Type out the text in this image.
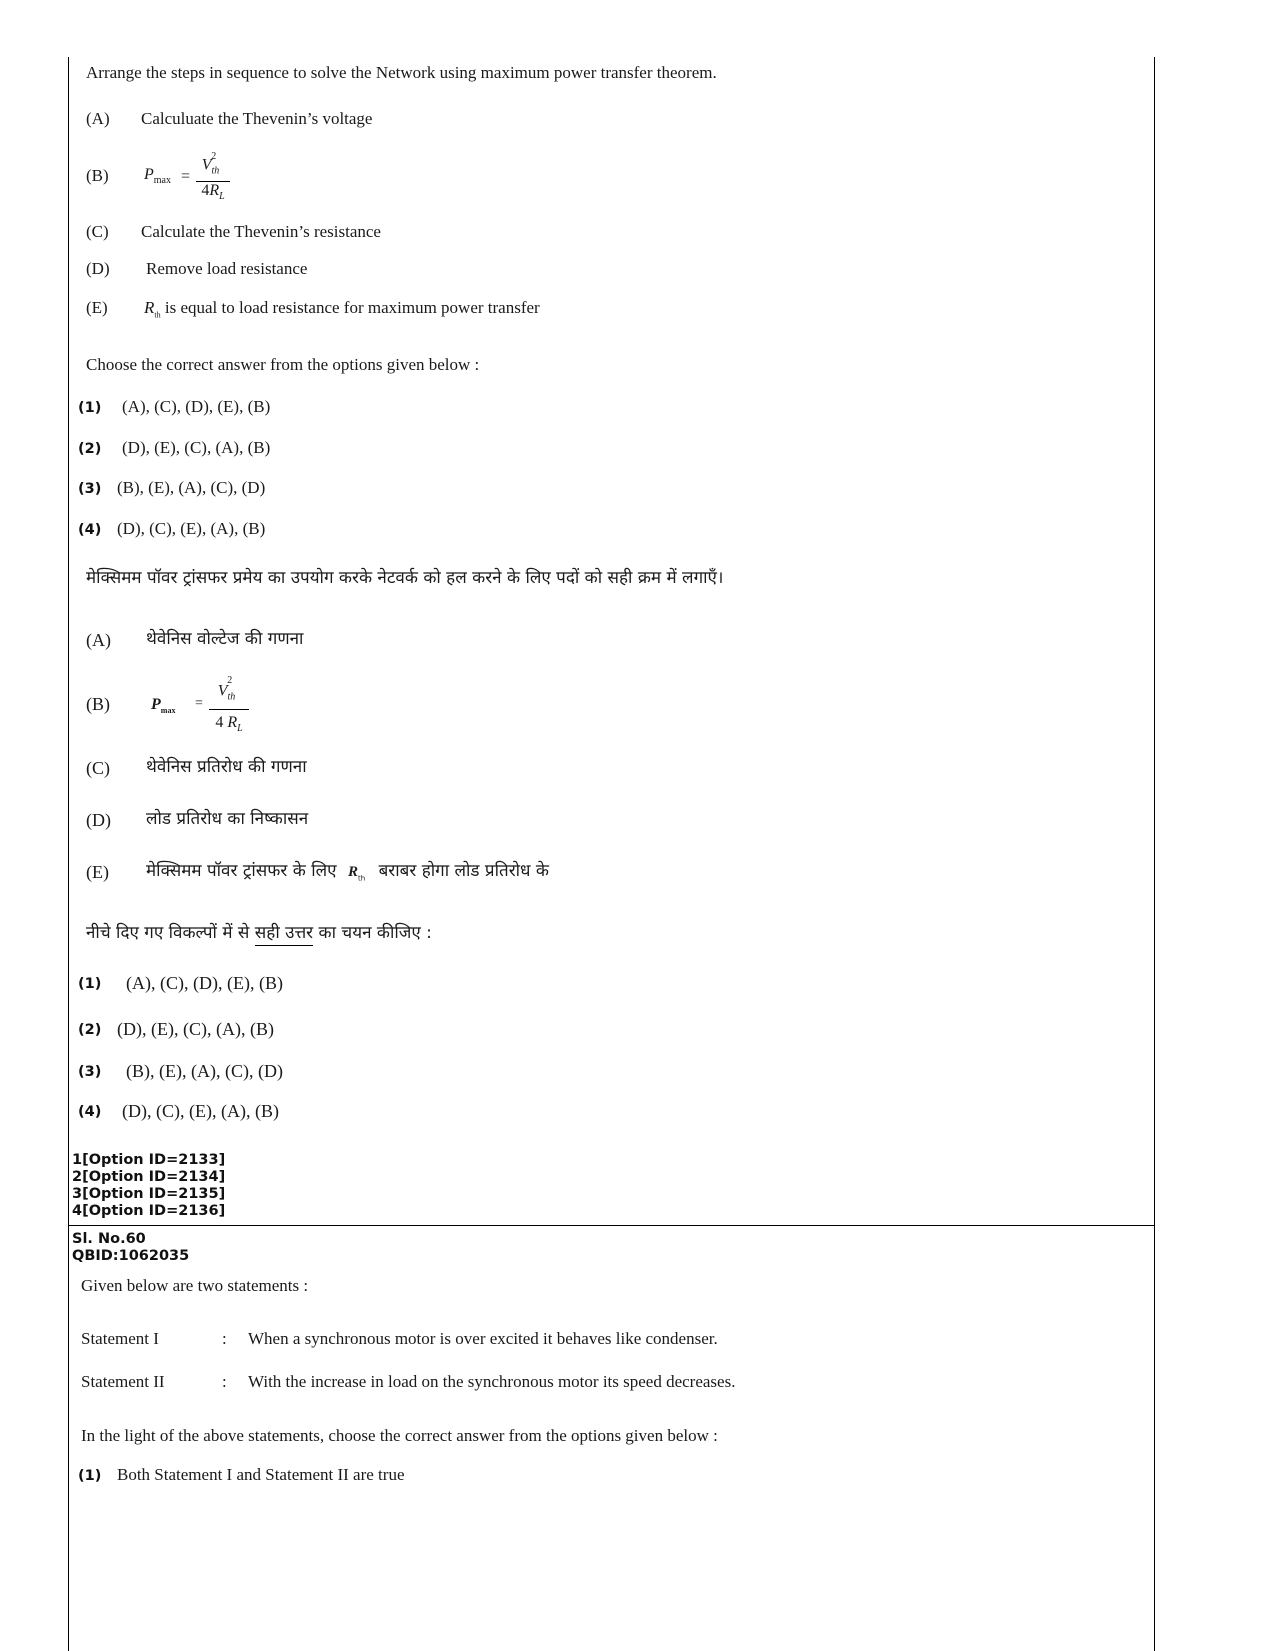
Arrange the steps in sequence to solve the Network using maximum power transfer theorem.
(A) Calculuate the Thevenin’s voltage
(B) $P_{max}$ =
$V_{th}^2$
$4R_L$
(C) Calculate the Thevenin’s resistance
(D) Remove load resistance
(E) $R_{th}$ is equal to load resistance for maximum power transfer
Choose the correct answer from the options given below :
(1) (A), (C), (D), (E), (B)
(2) (D), (E), (C), (A), (B)
(3) (B), (E), (A), (C), (D)
(4) (D), (C), (E), (A), (B)
मेक्सिमम पॉवर ट्रांसफर प्रमेय का उपयोग करके नेटवर्क को हल करने के लिए पदों को सही क्रम में लगाएँ।
(A) थेवेनिस वोल्टेज की गणना
(B)	$P_{max}$ =
$V_{th}^2$
4 $R_L$
(C) थेवेनिस प्रतिरोध की गणना
(D) लोड प्रतिरोध का निष्कासन
(E) मेक्सिमम पॉवर ट्रांसफर के लिए $R_{th}$ बराबर होगा लोड प्रतिरोध के
नीचे दिए गए विकल्पों में से सही उत्तर का चयन कीजिए :
(1) (A), (C), (D), (E), (B)
(2) (D), (E), (C), (A), (B)
(3) (B), (E), (A), (C), (D)
(4) (D), (C), (E), (A), (B)
1[Option ID=2133]
2[Option ID=2134]
3[Option ID=2135]
4[Option ID=2136]
Sl. No.60
QBID:1062035
Given below are two statements :
Statement I	: When a synchronous motor is over excited it behaves like condenser.
Statement II	: With the increase in load on the synchronous motor its speed decreases.
In the light of the above statements, choose the correct answer from the options given below :
(1) Both Statement I and Statement II are true
